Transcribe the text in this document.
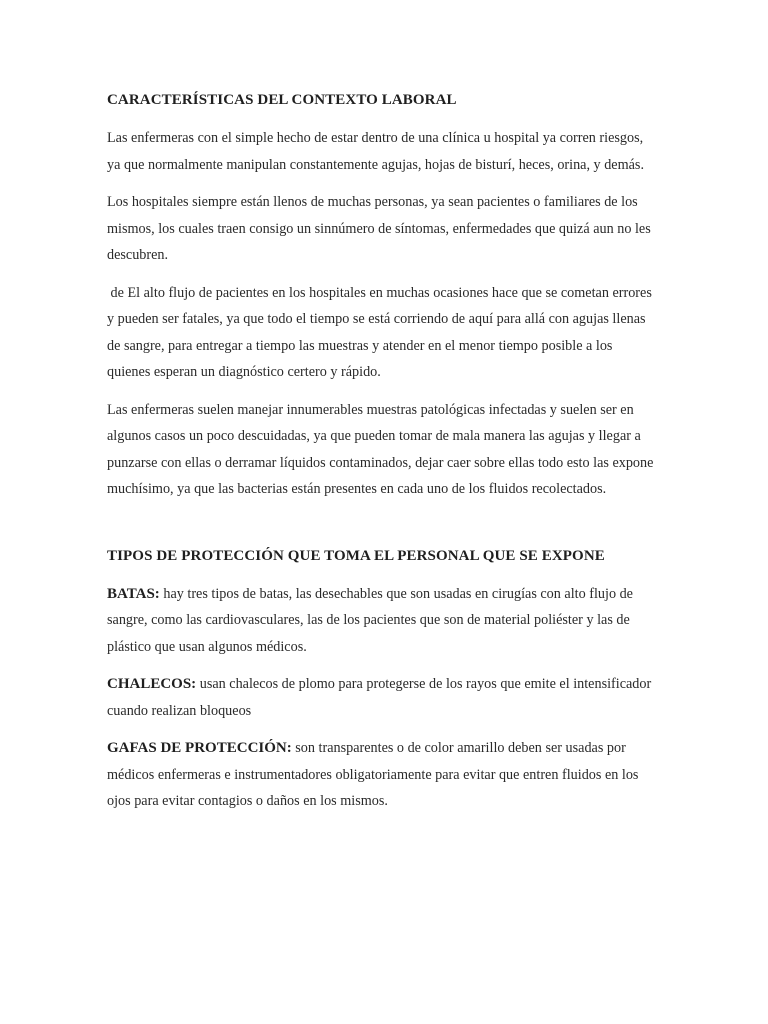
CARACTERÍSTICAS DEL CONTEXTO LABORAL

Las enfermeras con el simple hecho de estar dentro de una clínica u hospital ya corren riesgos, ya que normalmente manipulan constantemente agujas, hojas de bisturí, heces, orina, y demás.

Los hospitales siempre están llenos de muchas personas, ya sean pacientes o familiares de los mismos, los cuales traen consigo un sinnúmero de síntomas, enfermedades que quizá aun no les descubren.

de El alto flujo de pacientes en los hospitales en muchas ocasiones hace que se cometan errores y pueden ser fatales, ya que todo el tiempo se está corriendo de aquí para allá con agujas llenas de sangre, para entregar a tiempo las muestras y atender en el menor tiempo posible a los quienes esperan un diagnóstico certero y rápido.

Las enfermeras suelen manejar innumerables muestras patológicas infectadas y suelen ser en algunos casos un poco descuidadas, ya que pueden tomar de mala manera las agujas y llegar a punzarse con ellas o derramar líquidos contaminados, dejar caer sobre ellas todo esto las expone muchísimo, ya que las bacterias están presentes en cada uno de los fluidos recolectados.

TIPOS DE PROTECCIÓN QUE TOMA EL PERSONAL QUE SE EXPONE

BATAS: hay tres tipos de batas, las desechables que son usadas en cirugías con alto flujo de sangre, como las cardiovasculares, las de los pacientes que son de material poliéster y las de plástico que usan algunos médicos.

CHALECOS: usan chalecos de plomo para protegerse de los rayos que emite el intensificador cuando realizan bloqueos

GAFAS DE PROTECCIÓN: son transparentes o de color amarillo deben ser usadas por médicos enfermeras e instrumentadores obligatoriamente para evitar que entren fluidos en los ojos para evitar contagios o daños en los mismos.
